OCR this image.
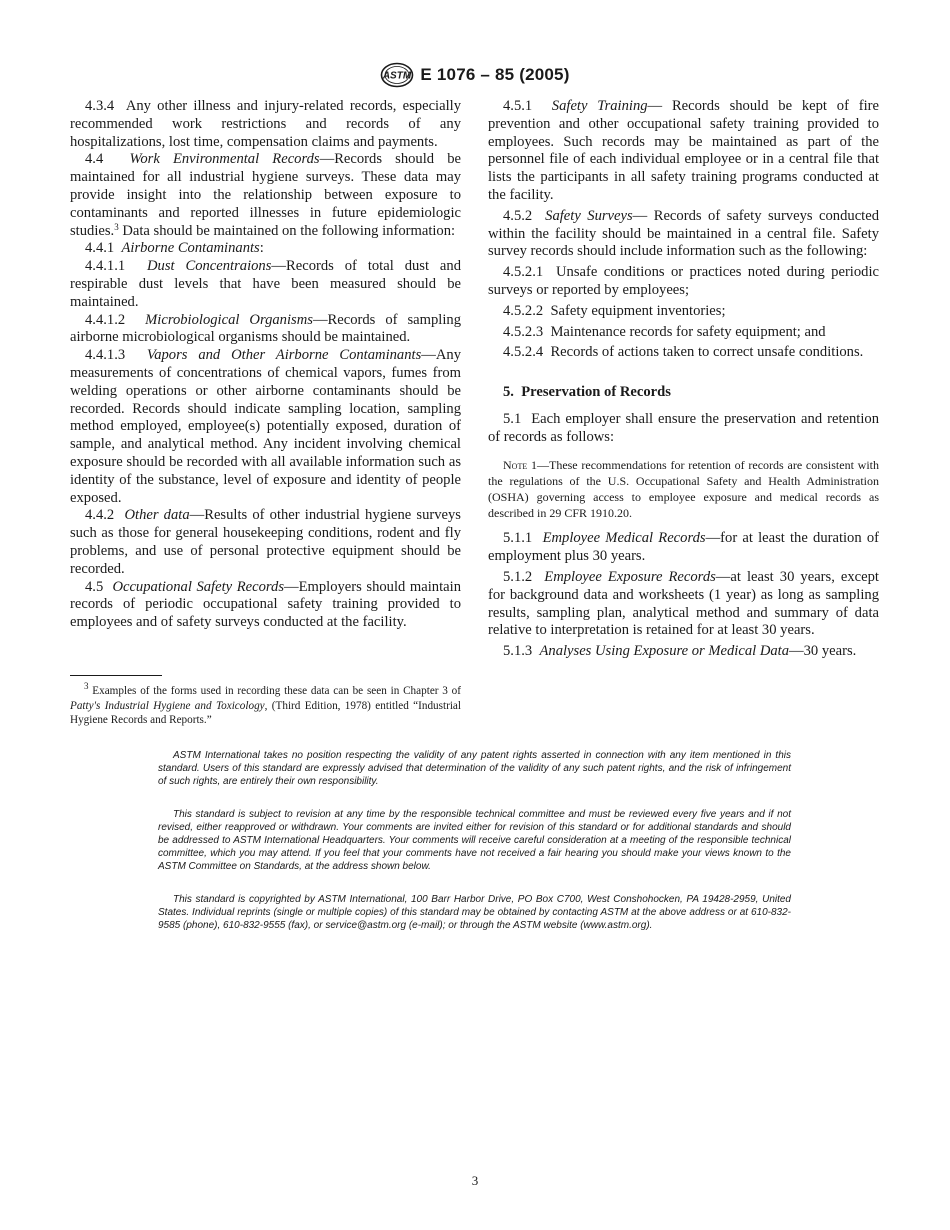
ASTM E 1076 – 85 (2005)

4.3.4 Any other illness and injury-related records, especially recommended work restrictions and records of any hospitalizations, lost time, compensation claims and payments.

4.4 Work Environmental Records—Records should be maintained for all industrial hygiene surveys. These data may provide insight into the relationship between exposure to contaminants and reported illnesses in future epidemiologic studies.$^3$ Data should be maintained on the following information:

4.4.1 Airborne Contaminants:

4.4.1.1 Dust Concentraions—Records of total dust and respirable dust levels that have been measured should be maintained.

4.4.1.2 Microbiological Organisms—Records of sampling airborne microbiological organisms should be maintained.

4.4.1.3 Vapors and Other Airborne Contaminants—Any measurements of concentrations of chemical vapors, fumes from welding operations or other airborne contaminants should be recorded. Records should indicate sampling location, sampling method employed, employee(s) potentially exposed, duration of sample, and analytical method. Any incident involving chemical exposure should be recorded with all available information such as identity of the substance, level of exposure and identity of people exposed.

4.4.2 Other data—Results of other industrial hygiene surveys such as those for general housekeeping conditions, rodent and fly problems, and use of personal protective equipment should be recorded.

4.5 Occupational Safety Records—Employers should maintain records of periodic occupational safety training provided to employees and of safety surveys conducted at the facility.

$^3$ Examples of the forms used in recording these data can be seen in Chapter 3 of Patty's Industrial Hygiene and Toxicology, (Third Edition, 1978) entitled “Industrial Hygiene Records and Reports.”

4.5.1 Safety Training— Records should be kept of fire prevention and other occupational safety training provided to employees. Such records may be maintained as part of the personnel file of each individual employee or in a central file that lists the participants in all safety training programs conducted at the facility.

4.5.2 Safety Surveys— Records of safety surveys conducted within the facility should be maintained in a central file. Safety survey records should include information such as the following:

4.5.2.1 Unsafe conditions or practices noted during periodic surveys or reported by employees;

4.5.2.2 Safety equipment inventories;

4.5.2.3 Maintenance records for safety equipment; and

4.5.2.4 Records of actions taken to correct unsafe conditions.

5. Preservation of Records

5.1 Each employer shall ensure the preservation and retention of records as follows:

Note 1—These recommendations for retention of records are consistent with the regulations of the U.S. Occupational Safety and Health Administration (OSHA) governing access to employee exposure and medical records as described in 29 CFR 1910.20.

5.1.1 Employee Medical Records—for at least the duration of employment plus 30 years.

5.1.2 Employee Exposure Records—at least 30 years, except for background data and worksheets (1 year) as long as sampling results, sampling plan, analytical method and summary of data relative to interpretation is retained for at least 30 years.

5.1.3 Analyses Using Exposure or Medical Data—30 years.

ASTM International takes no position respecting the validity of any patent rights asserted in connection with any item mentioned in this standard. Users of this standard are expressly advised that determination of the validity of any such patent rights, and the risk of infringement of such rights, are entirely their own responsibility.
This standard is subject to revision at any time by the responsible technical committee and must be reviewed every five years and if not revised, either reapproved or withdrawn. Your comments are invited either for revision of this standard or for additional standards and should be addressed to ASTM International Headquarters. Your comments will receive careful consideration at a meeting of the responsible technical committee, which you may attend. If you feel that your comments have not received a fair hearing you should make your views known to the ASTM Committee on Standards, at the address shown below.
This standard is copyrighted by ASTM International, 100 Barr Harbor Drive, PO Box C700, West Conshohocken, PA 19428-2959, United States. Individual reprints (single or multiple copies) of this standard may be obtained by contacting ASTM at the above address or at 610-832-9585 (phone), 610-832-9555 (fax), or service@astm.org (e-mail); or through the ASTM website (www.astm.org).
3
